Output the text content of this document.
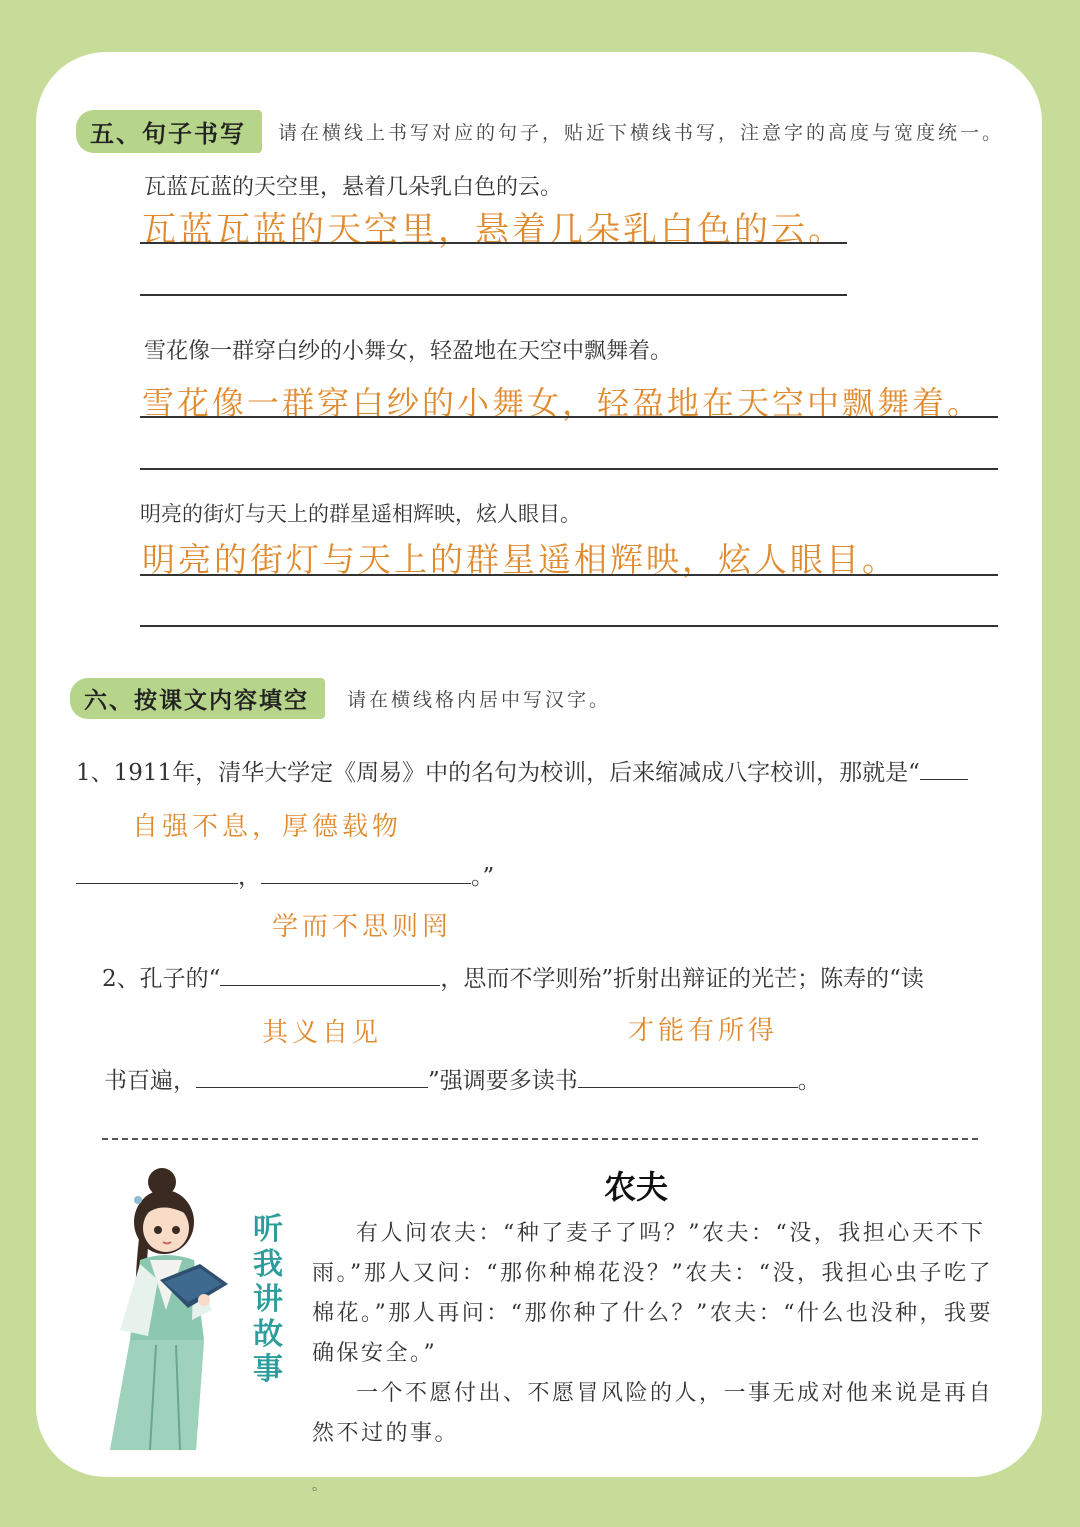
五、句子书写	请在横线上书写对应的句子，贴近下横线书写，注意字的高度与宽度统一。
瓦蓝瓦蓝的天空里，悬着几朵乳白色的云。
瓦蓝瓦蓝的天空里，悬着几朵乳白色的云。
雪花像一群穿白纱的小舞女，轻盈地在天空中飘舞着。
雪花像一群穿白纱的小舞女，轻盈地在天空中飘舞着。
明亮的街灯与天上的群星遥相辉映，炫人眼目。
明亮的街灯与天上的群星遥相辉映，炫人眼目。
六、按课文内容填空	请在横线格内居中写汉字。
1、1911年，清华大学定《周易》中的名句为校训，后来缩减成八字校训，那就是“
自强不息，厚德载物
，	。”
学而不思则罔
2、孔子的“	，思而不学则殆”折射出辩证的光芒；陈寿的“读
其义自见	才能有所得
书百遍，	”强调要多读书	。
农夫
听我讲故事

有人问农夫：“种了麦子了吗？”农夫：“没，我担心天不下雨。”那人又问：“那你种棉花没？”农夫：“没，我担心虫子吃了棉花。”那人再问：“那你种了什么？”农夫：“什么也没种，我要确保安全。”

一个不愿付出、不愿冒风险的人，一事无成对他来说是再自然不过的事。

。
